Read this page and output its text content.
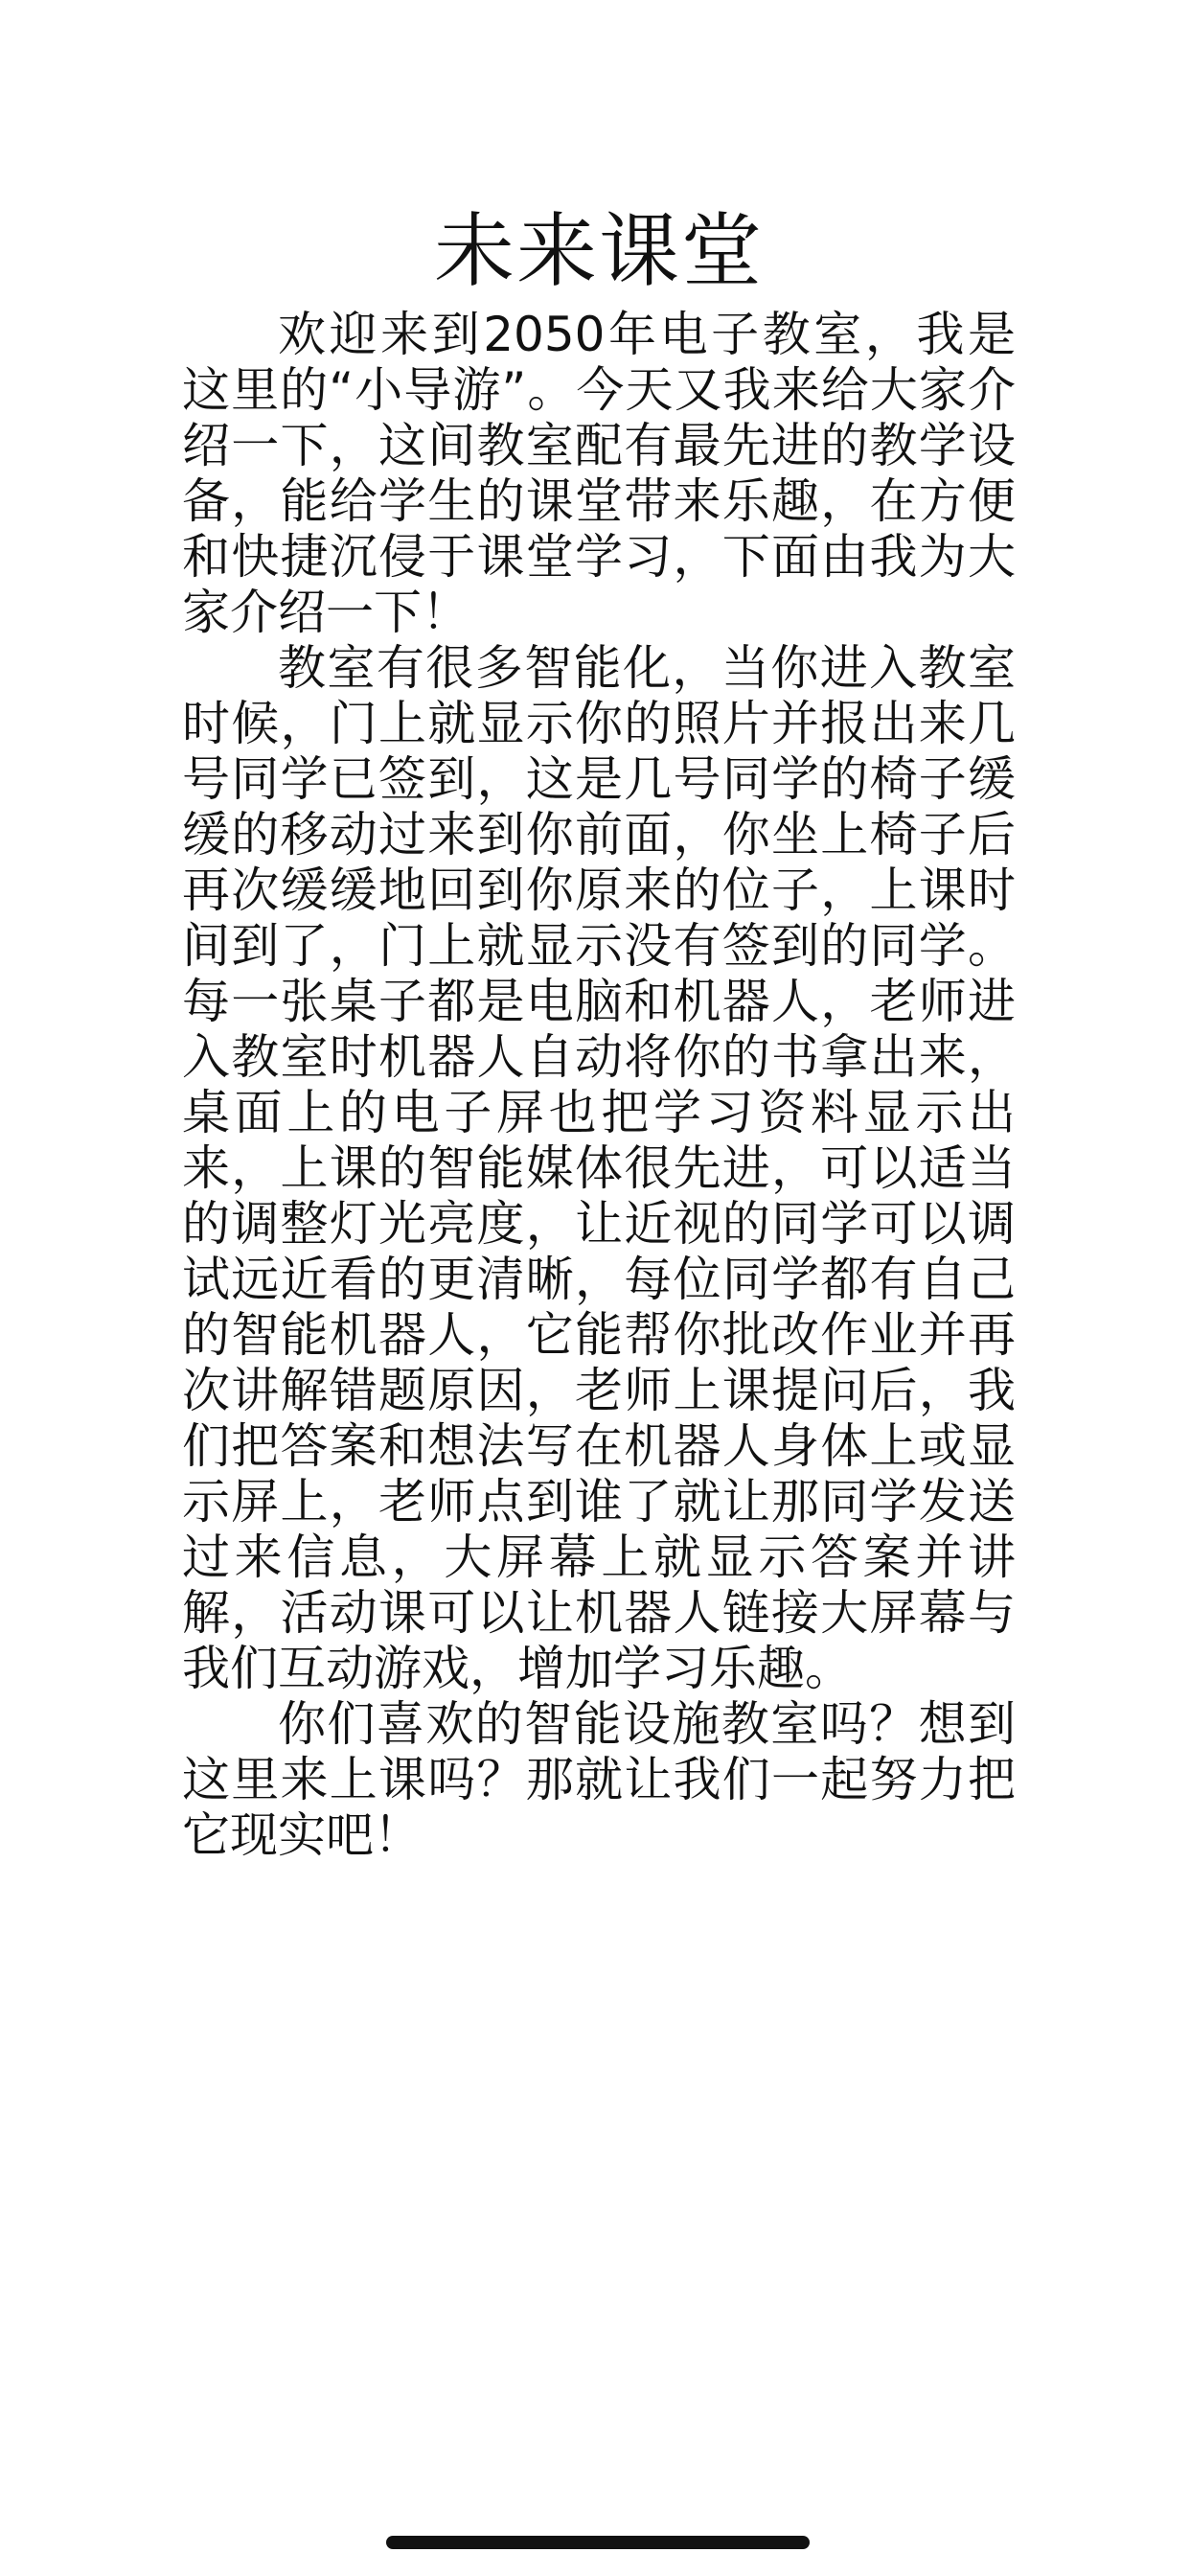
未来课堂

欢迎来到2050年电子教室，我是这里的“小导游”。今天又我来给大家介绍一下，这间教室配有最先进的教学设备，能给学生的课堂带来乐趣，在方便和快捷沉侵于课堂学习，下面由我为大家介绍一下！

教室有很多智能化，当你进入教室时候，门上就显示你的照片并报出来几号同学已签到，这是几号同学的椅子缓缓的移动过来到你前面，你坐上椅子后再次缓缓地回到你原来的位子，上课时间到了，门上就显示没有签到的同学。每一张桌子都是电脑和机器人，老师进入教室时机器人自动将你的书拿出来，桌面上的电子屏也把学习资料显示出来，上课的智能媒体很先进，可以适当的调整灯光亮度，让近视的同学可以调试远近看的更清晰，每位同学都有自己的智能机器人，它能帮你批改作业并再次讲解错题原因，老师上课提问后，我们把答案和想法写在机器人身体上或显示屏上，老师点到谁了就让那同学发送过来信息，大屏幕上就显示答案并讲解，活动课可以让机器人链接大屏幕与我们互动游戏，增加学习乐趣。

你们喜欢的智能设施教室吗？想到这里来上课吗？那就让我们一起努力把它现实吧！
